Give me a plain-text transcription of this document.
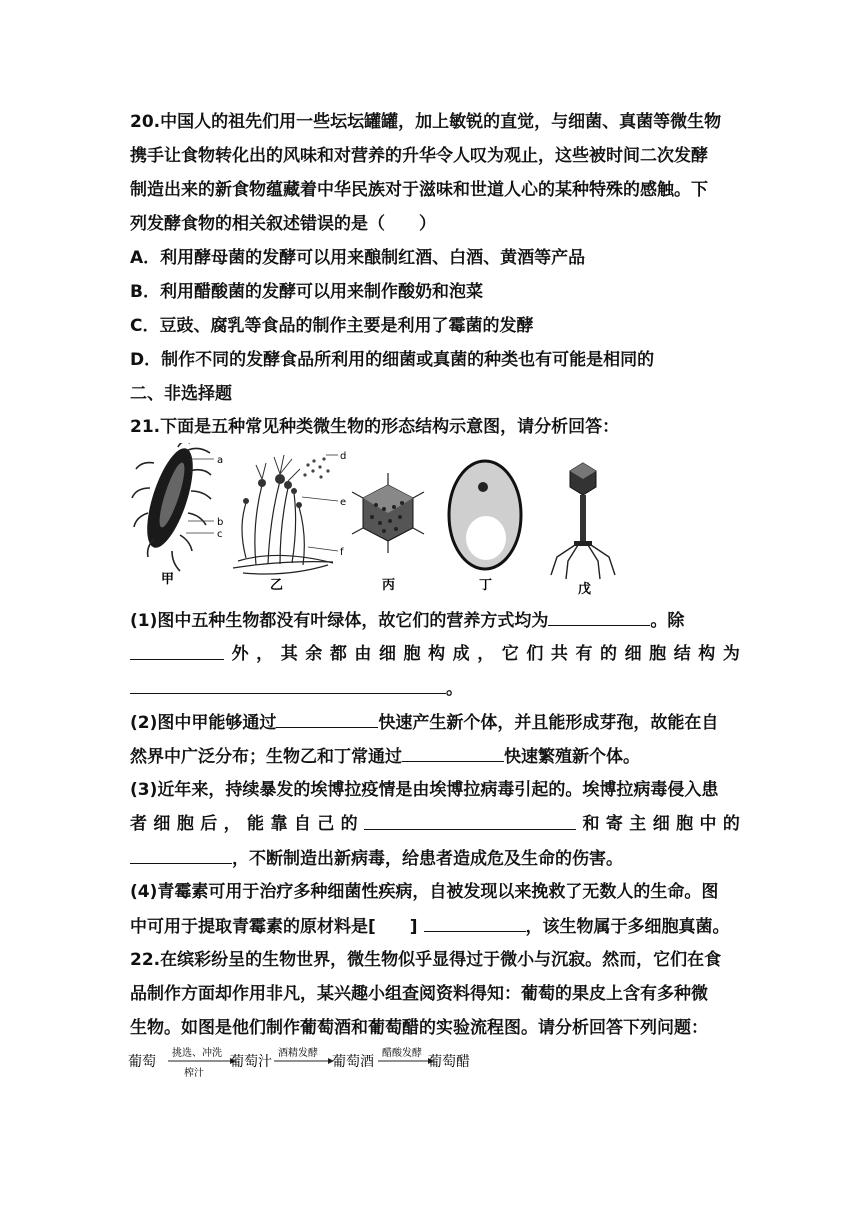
20.中国人的祖先们用一些坛坛罐罐，加上敏锐的直觉，与细菌、真菌等微生物
携手让食物转化出的风味和对营养的升华令人叹为观止，这些被时间二次发酵
制造出来的新食物蕴藏着中华民族对于滋味和世道人心的某种特殊的感触。下
列发酵食物的相关叙述错误的是（　　）
A．利用酵母菌的发酵可以用来酿制红酒、白酒、黄酒等产品
B．利用醋酸菌的发酵可以用来制作酸奶和泡菜
C．豆豉、腐乳等食品的制作主要是利用了霉菌的发酵
D．制作不同的发酵食品所利用的细菌或真菌的种类也有可能是相同的
二、非选择题
21.下面是五种常见种类微生物的形态结构示意图，请分析回答：
a
b
c
甲
d
e
f
乙	丙	丁	戊
(1)图中五种生物都没有叶绿体，故它们的营养方式均为	。除
外 ， 其 余 都 由 细 胞 构 成 ， 它 们 共 有 的 细 胞 结 构 为
。
(2)图中甲能够通过	快速产生新个体，并且能形成芽孢，故能在自
然界中广泛分布；生物乙和丁常通过	快速繁殖新个体。
(3)近年来，持续暴发的埃博拉疫情是由埃博拉病毒引起的。埃博拉病毒侵入患
者 细 胞 后 ， 能 靠 自 己 的	和 寄 主 细 胞 中 的
，不断制造出新病毒，给患者造成危及生命的伤害。
(4)青霉素可用于治疗多种细菌性疾病，自被发现以来挽救了无数人的生命。图
中可用于提取青霉素的原材料是[　　]	，该生物属于多细胞真菌。
22.在缤彩纷呈的生物世界，微生物似乎显得过于微小与沉寂。然而，它们在食
品制作方面却作用非凡，某兴趣小组查阅资料得知：葡萄的果皮上含有多种微
生物。如图是他们制作葡萄酒和葡萄醋的实验流程图。请分析回答下列问题：
葡萄
挑选、冲洗
榨汁
葡萄汁
酒精发酵
葡萄酒
醋酸发酵
葡萄醋
